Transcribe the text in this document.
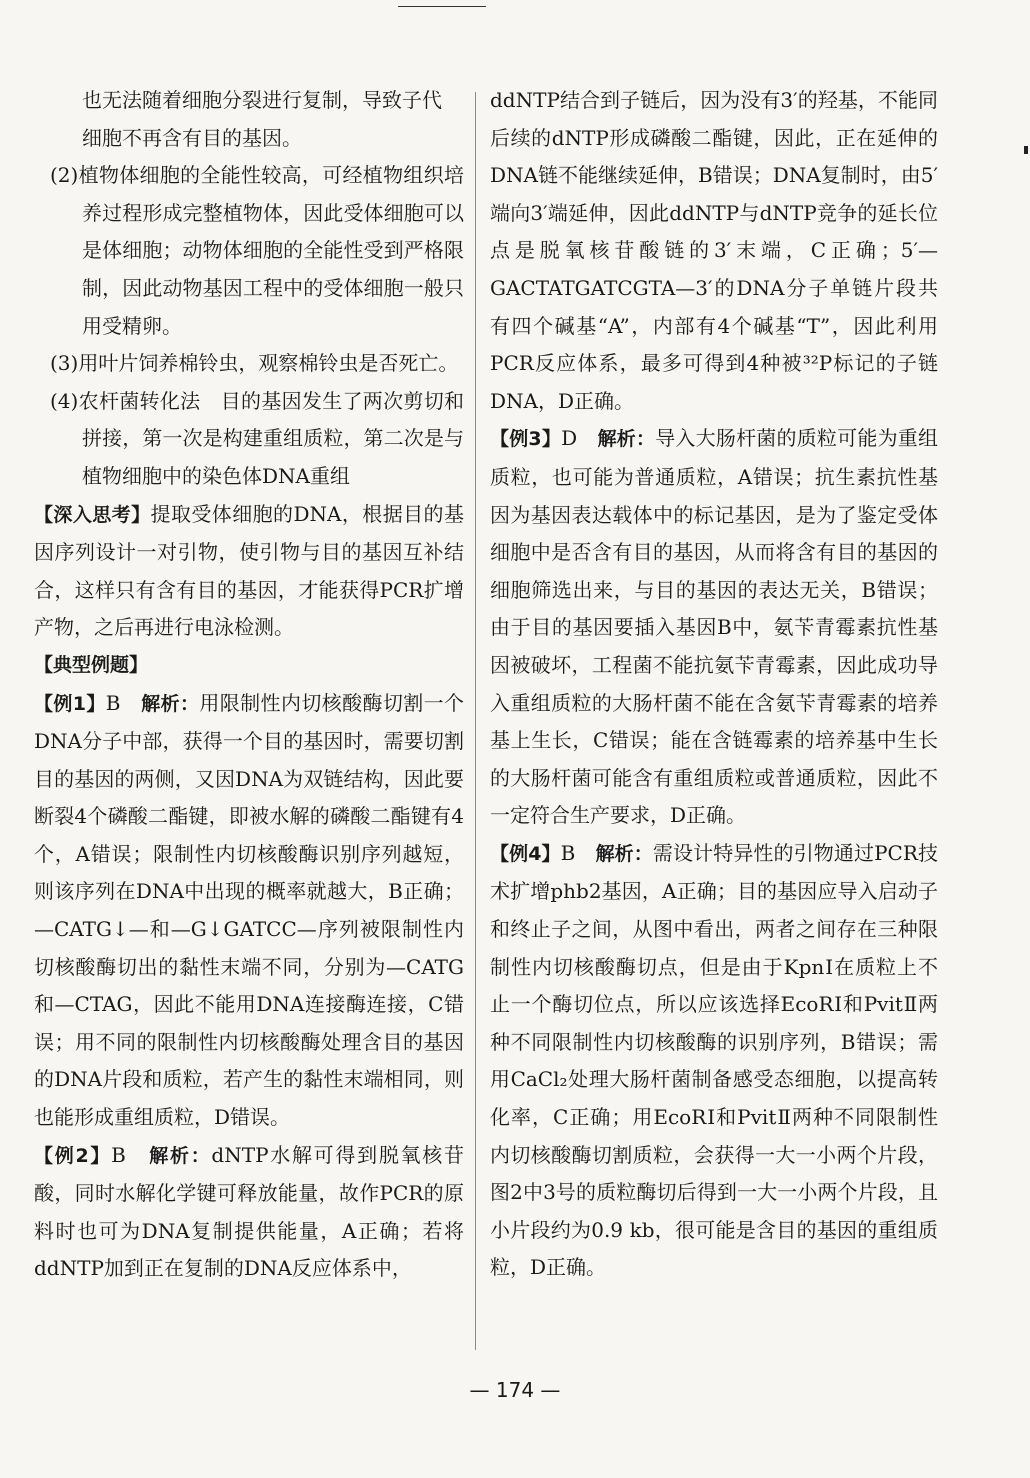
也无法随着细胞分裂进行复制，导致子代

细胞不再含有目的基因。

(2)植物体细胞的全能性较高，可经植物组织培养过程形成完整植物体，因此受体细胞可以是体细胞；动物体细胞的全能性受到严格限制，因此动物基因工程中的受体细胞一般只用受精卵。

(3)用叶片饲养棉铃虫，观察棉铃虫是否死亡。

(4)农杆菌转化法　目的基因发生了两次剪切和拼接，第一次是构建重组质粒，第二次是与植物细胞中的染色体DNA重组

【深入思考】提取受体细胞的DNA，根据目的基因序列设计一对引物，使引物与目的基因互补结合，这样只有含有目的基因，才能获得PCR扩增产物，之后再进行电泳检测。

【典型例题】

【例1】B　 解析：用限制性内切核酸酶切割一个DNA分子中部，获得一个目的基因时，需要切割目的基因的两侧，又因DNA为双链结构，因此要断裂4个磷酸二酯键，即被水解的磷酸二酯键有4个，A错误；限制性内切核酸酶识别序列越短，则该序列在DNA中出现的概率就越大，B正确；—CATG↓—和—G↓GATCC—序列被限制性内切核酸酶切出的黏性末端不同，分别为—CATG和—CTAG，因此不能用DNA连接酶连接，C错误；用不同的限制性内切核酸酶处理含目的基因的DNA片段和质粒，若产生的黏性末端相同，则也能形成重组质粒，D错误。

【例2】B　 解析：dNTP水解可得到脱氧核苷酸，同时水解化学键可释放能量，故作PCR的原料时也可为DNA复制提供能量，A正确；若将ddNTP加到正在复制的DNA反应体系中，

ddNTP结合到子链后，因为没有3′的羟基，不能同后续的dNTP形成磷酸二酯键，因此，正在延伸的DNA链不能继续延伸，B错误；DNA复制时，由5′端向3′端延伸，因此ddNTP与dNTP竞争的延长位点是脱氧核苷酸链的3′末端，C正确；5′—GACTATGATCGTA—3′的DNA分子单链片段共有四个碱基“A”，内部有4个碱基“T”，因此利用PCR反应体系，最多可得到4种被³²P标记的子链DNA，D正确。

【例3】D　 解析：导入大肠杆菌的质粒可能为重组质粒，也可能为普通质粒，A错误；抗生素抗性基因为基因表达载体中的标记基因，是为了鉴定受体细胞中是否含有目的基因，从而将含有目的基因的细胞筛选出来，与目的基因的表达无关，B错误；由于目的基因要插入基因B中，氨苄青霉素抗性基因被破坏，工程菌不能抗氨苄青霉素，因此成功导入重组质粒的大肠杆菌不能在含氨苄青霉素的培养基上生长，C错误；能在含链霉素的培养基中生长的大肠杆菌可能含有重组质粒或普通质粒，因此不一定符合生产要求，D正确。

【例4】B　 解析：需设计特异性的引物通过PCR技术扩增phb2基因，A正确；目的基因应导入启动子和终止子之间，从图中看出，两者之间存在三种限制性内切核酸酶切点，但是由于KpnⅠ在质粒上不止一个酶切位点，所以应该选择EcoRⅠ和PvitⅡ两种不同限制性内切核酸酶的识别序列，B错误；需用CaCl₂处理大肠杆菌制备感受态细胞，以提高转化率，C正确；用EcoRⅠ和PvitⅡ两种不同限制性内切核酸酶切割质粒，会获得一大一小两个片段，图2中3号的质粒酶切后得到一大一小两个片段，且小片段约为0.9 kb，很可能是含目的基因的重组质粒，D正确。

— 174 —
